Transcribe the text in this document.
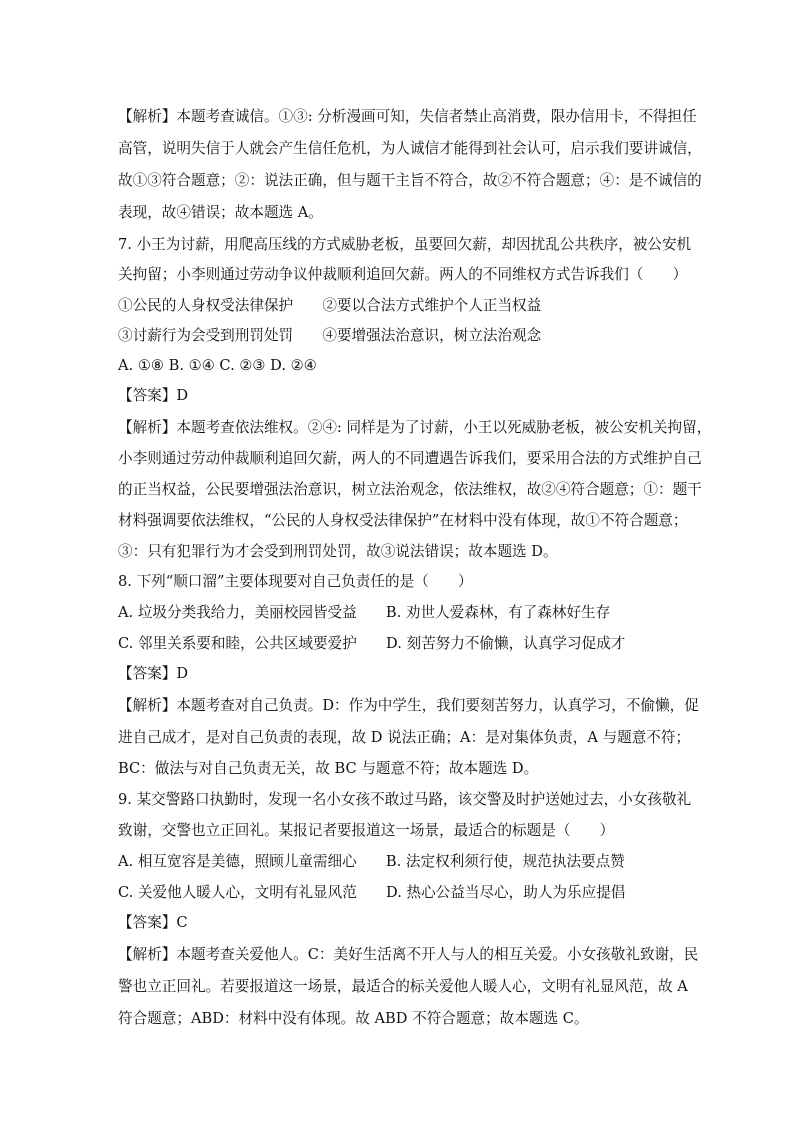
【解析】本题考查诚信。①③: 分析漫画可知，失信者禁止高消费，限办信用卡，不得担任
高管，说明失信于人就会产生信任危机，为人诚信才能得到社会认可，启示我们要讲诚信，
故①③符合题意；②：说法正确，但与题干主旨不符合，故②不符合题意；④：是不诚信的
表现，故④错误；故本题选 A。
7. 小王为讨薪，用爬高压线的方式威胁老板，虽要回欠薪，却因扰乱公共秩序，被公安机
关拘留；小李则通过劳动争议仲裁顺利追回欠薪。两人的不同维权方式告诉我们（　　）
①公民的人身权受法律保护　　②要以合法方式维护个人正当权益
③讨薪行为会受到刑罚处罚　　④要增强法治意识，树立法治观念
A. ①⑧ B. ①④ C. ②③ D. ②④
【答案】D
【解析】本题考查依法维权。②④: 同样是为了讨薪，小王以死威胁老板，被公安机关拘留，
小李则通过劳动仲裁顺利追回欠薪，两人的不同遭遇告诉我们，要采用合法的方式维护自己
的正当权益，公民要增强法治意识，树立法治观念，依法维权，故②④符合题意；①：题干
材料强调要依法维权，“公民的人身权受法律保护”在材料中没有体现，故①不符合题意；
③：只有犯罪行为才会受到刑罚处罚，故③说法错误；故本题选 D。
8. 下列“顺口溜”主要体现要对自己负责任的是（　　）
A. 垃圾分类我给力，美丽校园皆受益　　B. 劝世人爱森林，有了森林好生存
C. 邻里关系要和睦，公共区域要爱护　　D. 刻苦努力不偷懒，认真学习促成才
【答案】D
【解析】本题考查对自己负责。D：作为中学生，我们要刻苦努力，认真学习，不偷懒，促
进自己成才，是对自己负责的表现，故 D 说法正确；A：是对集体负责，A 与题意不符；
BC：做法与对自己负责无关，故 BC 与题意不符；故本题选 D。
9. 某交警路口执勤时，发现一名小女孩不敢过马路，该交警及时护送她过去，小女孩敬礼
致谢，交警也立正回礼。某报记者要报道这一场景，最适合的标题是（　　）
A. 相互宽容是美德，照顾儿童需细心　　B. 法定权利须行使，规范执法要点赞
C. 关爱他人暖人心，文明有礼显风范　　D. 热心公益当尽心，助人为乐应提倡
【答案】C
【解析】本题考查关爱他人。C：美好生活离不开人与人的相互关爱。小女孩敬礼致谢，民
警也立正回礼。若要报道这一场景，最适合的标关爱他人暖人心，文明有礼显风范，故 A
符合题意；ABD：材料中没有体现。故 ABD 不符合题意；故本题选 C。
